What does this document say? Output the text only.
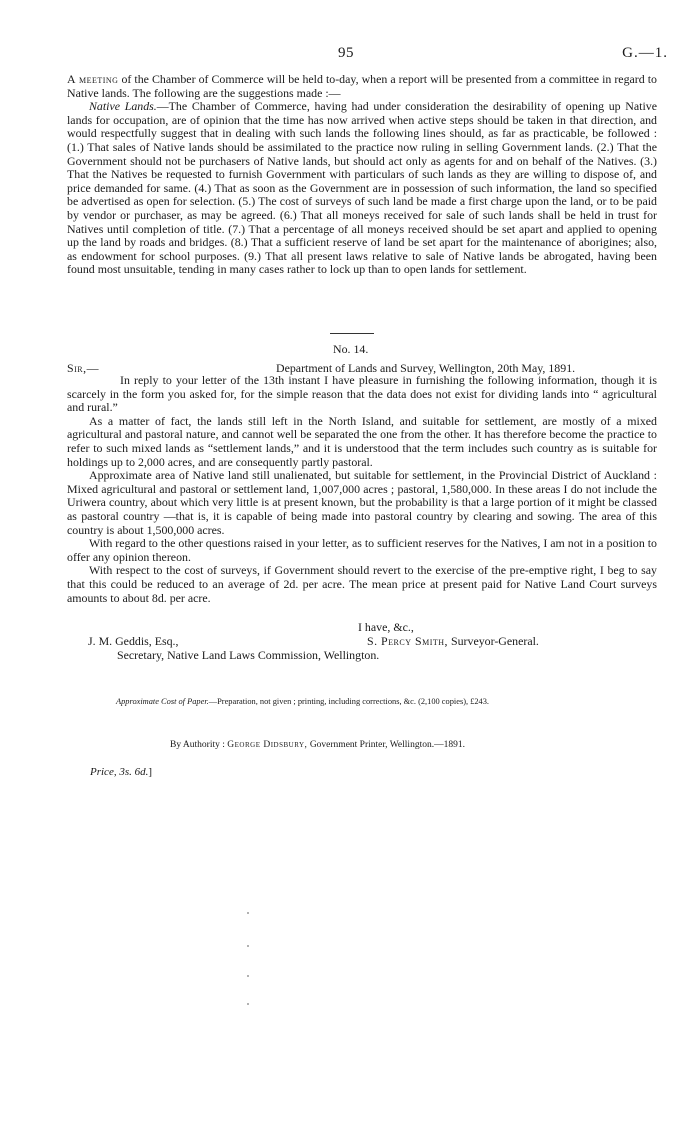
95	G.—1.

A meeting of the Chamber of Commerce will be held to-day, when a report will be presented from a committee in regard to Native lands. The following are the suggestions made :—

Native Lands.—The Chamber of Commerce, having had under consideration the desirability of opening up Native lands for occupation, are of opinion that the time has now arrived when active steps should be taken in that direction, and would respectfully suggest that in dealing with such lands the following lines should, as far as practicable, be followed : (1.) That sales of Native lands should be assimilated to the practice now ruling in selling Government lands. (2.) That the Government should not be purchasers of Native lands, but should act only as agents for and on behalf of the Natives. (3.) That the Natives be requested to furnish Government with particulars of such lands as they are willing to dispose of, and price demanded for same. (4.) That as soon as the Government are in possession of such information, the land so specified be advertised as open for selection. (5.) The cost of surveys of such land be made a first charge upon the land, or to be paid by vendor or purchaser, as may be agreed. (6.) That all moneys received for sale of such lands shall be held in trust for Natives until completion of title. (7.) That a percentage of all moneys received should be set apart and applied to opening up the land by roads and bridges. (8.) That a sufficient reserve of land be set apart for the maintenance of aborigines; also, as endowment for school purposes. (9.) That all present laws relative to sale of Native lands be abrogated, having been found most unsuitable, tending in many cases rather to lock up than to open lands for settlement.

No. 14.
Sir,—	Department of Lands and Survey, Wellington, 20th May, 1891.

In reply to your letter of the 13th instant I have pleasure in furnishing the following information, though it is scarcely in the form you asked for, for the simple reason that the data does not exist for dividing lands into “ agricultural and rural.”

As a matter of fact, the lands still left in the North Island, and suitable for settlement, are mostly of a mixed agricultural and pastoral nature, and cannot well be separated the one from the other. It has therefore become the practice to refer to such mixed lands as “settlement lands,” and it is understood that the term includes such country as is suitable for holdings up to 2,000 acres, and are consequently partly pastoral.

Approximate area of Native land still unalienated, but suitable for settlement, in the Provincial District of Auckland : Mixed agricultural and pastoral or settlement land, 1,007,000 acres ; pastoral, 1,580,000. In these areas I do not include the Uriwera country, about which very little is at present known, but the probability is that a large portion of it might be classed as pastoral country —that is, it is capable of being made into pastoral country by clearing and sowing. The area of this country is about 1,500,000 acres.

With regard to the other questions raised in your letter, as to sufficient reserves for the Natives, I am not in a position to offer any opinion thereon.

With respect to the cost of surveys, if Government should revert to the exercise of the pre-emptive right, I beg to say that this could be reduced to an average of 2d. per acre. The mean price at present paid for Native Land Court surveys amounts to about 8d. per acre.

I have, &c.,
J. M. Geddis, Esq.,	S. Percy Smith, Surveyor-General.
Secretary, Native Land Laws Commission, Wellington.
Approximate Cost of Paper.—Preparation, not given ; printing, including corrections, &c. (2,100 copies), £243.
By Authority : George Didsbury, Government Printer, Wellington.—1891.
Price, 3s. 6d.]
